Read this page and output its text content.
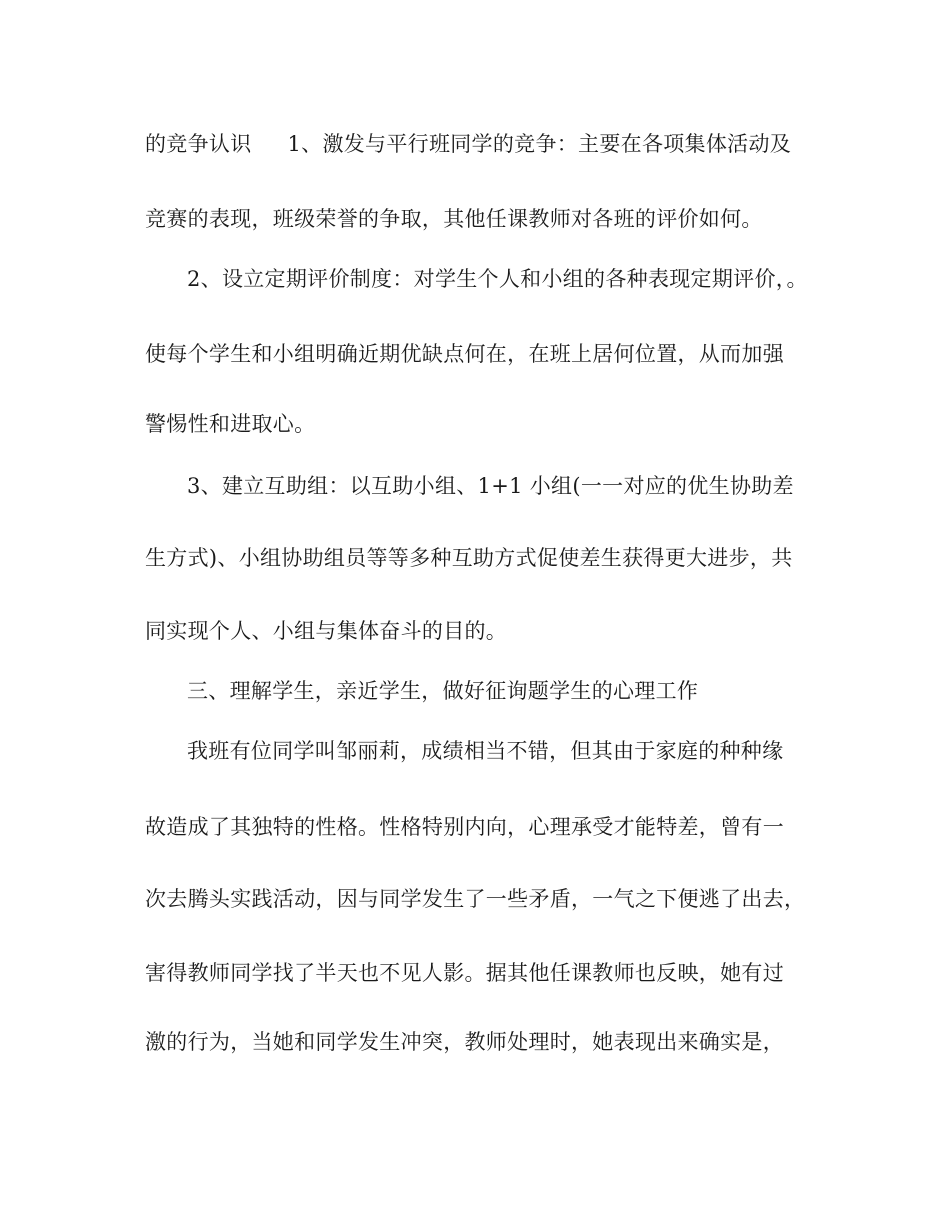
的竞争认识 1、激发与平行班同学的竞争：主要在各项集体活动及
竞赛的表现，班级荣誉的争取，其他任课教师对各班的评价如何。
2、设立定期评价制度：对学生个人和小组的各种表现定期评价，。
使每个学生和小组明确近期优缺点何在，在班上居何位置，从而加强
警惕性和进取心。
3、建立互助组：以互助小组、1+1 小组(一一对应的优生协助差
生方式)、小组协助组员等等多种互助方式促使差生获得更大进步，共
同实现个人、小组与集体奋斗的目的。
三、理解学生，亲近学生，做好征询题学生的心理工作
我班有位同学叫邹丽莉，成绩相当不错，但其由于家庭的种种缘
故造成了其独特的性格。性格特别内向，心理承受才能特差，曾有一
次去腾头实践活动，因与同学发生了一些矛盾，一气之下便逃了出去，
害得教师同学找了半天也不见人影。据其他任课教师也反映，她有过
激的行为，当她和同学发生冲突，教师处理时，她表现出来确实是，
